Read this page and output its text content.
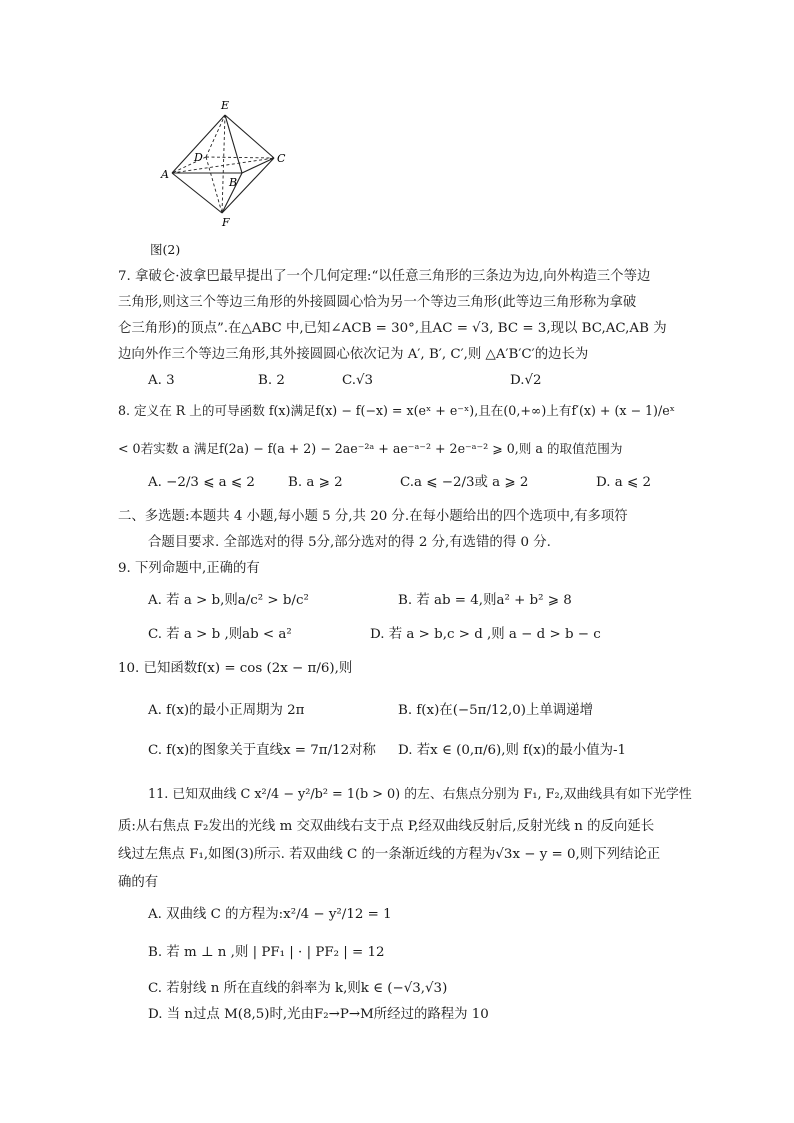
E
A
C
D
B
F
图(2)
7. 拿破仑·波拿巴最早提出了一个几何定理:“以任意三角形的三条边为边,向外构造三个等边
三角形,则这三个等边三角形的外接圆圆心恰为另一个等边三角形(此等边三角形称为拿破
仑三角形)的顶点”.在△ABC 中,已知∠ACB = 30°,且AC = √3, BC = 3,现以 BC,AC,AB 为
边向外作三个等边三角形,其外接圆圆心依次记为 A′, B′, C′,则 △A′B′C′的边长为
A. 3	B. 2	C.√3	D.√2
8. 定义在 R 上的可导函数 f(x)满足f(x) − f(−x) = x(eˣ + e⁻ˣ),且在(0,+∞)上有f′(x) + (x − 1)/eˣ
< 0若实数 a 满足f(2a) − f(a + 2) − 2ae⁻²ᵃ + ae⁻ᵃ⁻² + 2e⁻ᵃ⁻² ⩾ 0,则 a 的取值范围为
A. −2/3 ⩽ a ⩽ 2 B. a ⩾ 2	C.a ⩽ −2/3或 a ⩾ 2	D. a ⩽ 2
二、多选题:本题共 4 小题,每小题 5 分,共 20 分.在每小题给出的四个选项中,有多项符
合题目要求. 全部选对的得 5分,部分选对的得 2 分,有选错的得 0 分.
9. 下列命题中,正确的有
A. 若 a > b,则a/c² > b/c²	B. 若 ab = 4,则a² + b² ⩾ 8
C. 若 a > b ,则ab < a²	D. 若 a > b,c > d ,则 a − d > b − c
10. 已知函数f(x) = cos (2x − π/6),则
A. f(x)的最小正周期为 2π	B. f(x)在(−5π/12,0)上单调递增
C. f(x)的图象关于直线x = 7π/12对称 D. 若x ∈ (0,π/6),则 f(x)的最小值为-1
11. 已知双曲线 C x²/4 − y²/b² = 1(b > 0) 的左、右焦点分别为 F₁, F₂,双曲线具有如下光学性
质:从右焦点 F₂发出的光线 m 交双曲线右支于点 P,经双曲线反射后,反射光线 n 的反向延长
线过左焦点 F₁,如图(3)所示. 若双曲线 C 的一条渐近线的方程为√3x − y = 0,则下列结论正
确的有
A. 双曲线 C 的方程为:x²/4 − y²/12 = 1
B. 若 m ⊥ n ,则 | PF₁ | · | PF₂ | = 12
C. 若射线 n 所在直线的斜率为 k,则k ∈ (−√3,√3)
D. 当 n过点 M(8,5)时,光由F₂→P→M所经过的路程为 10
